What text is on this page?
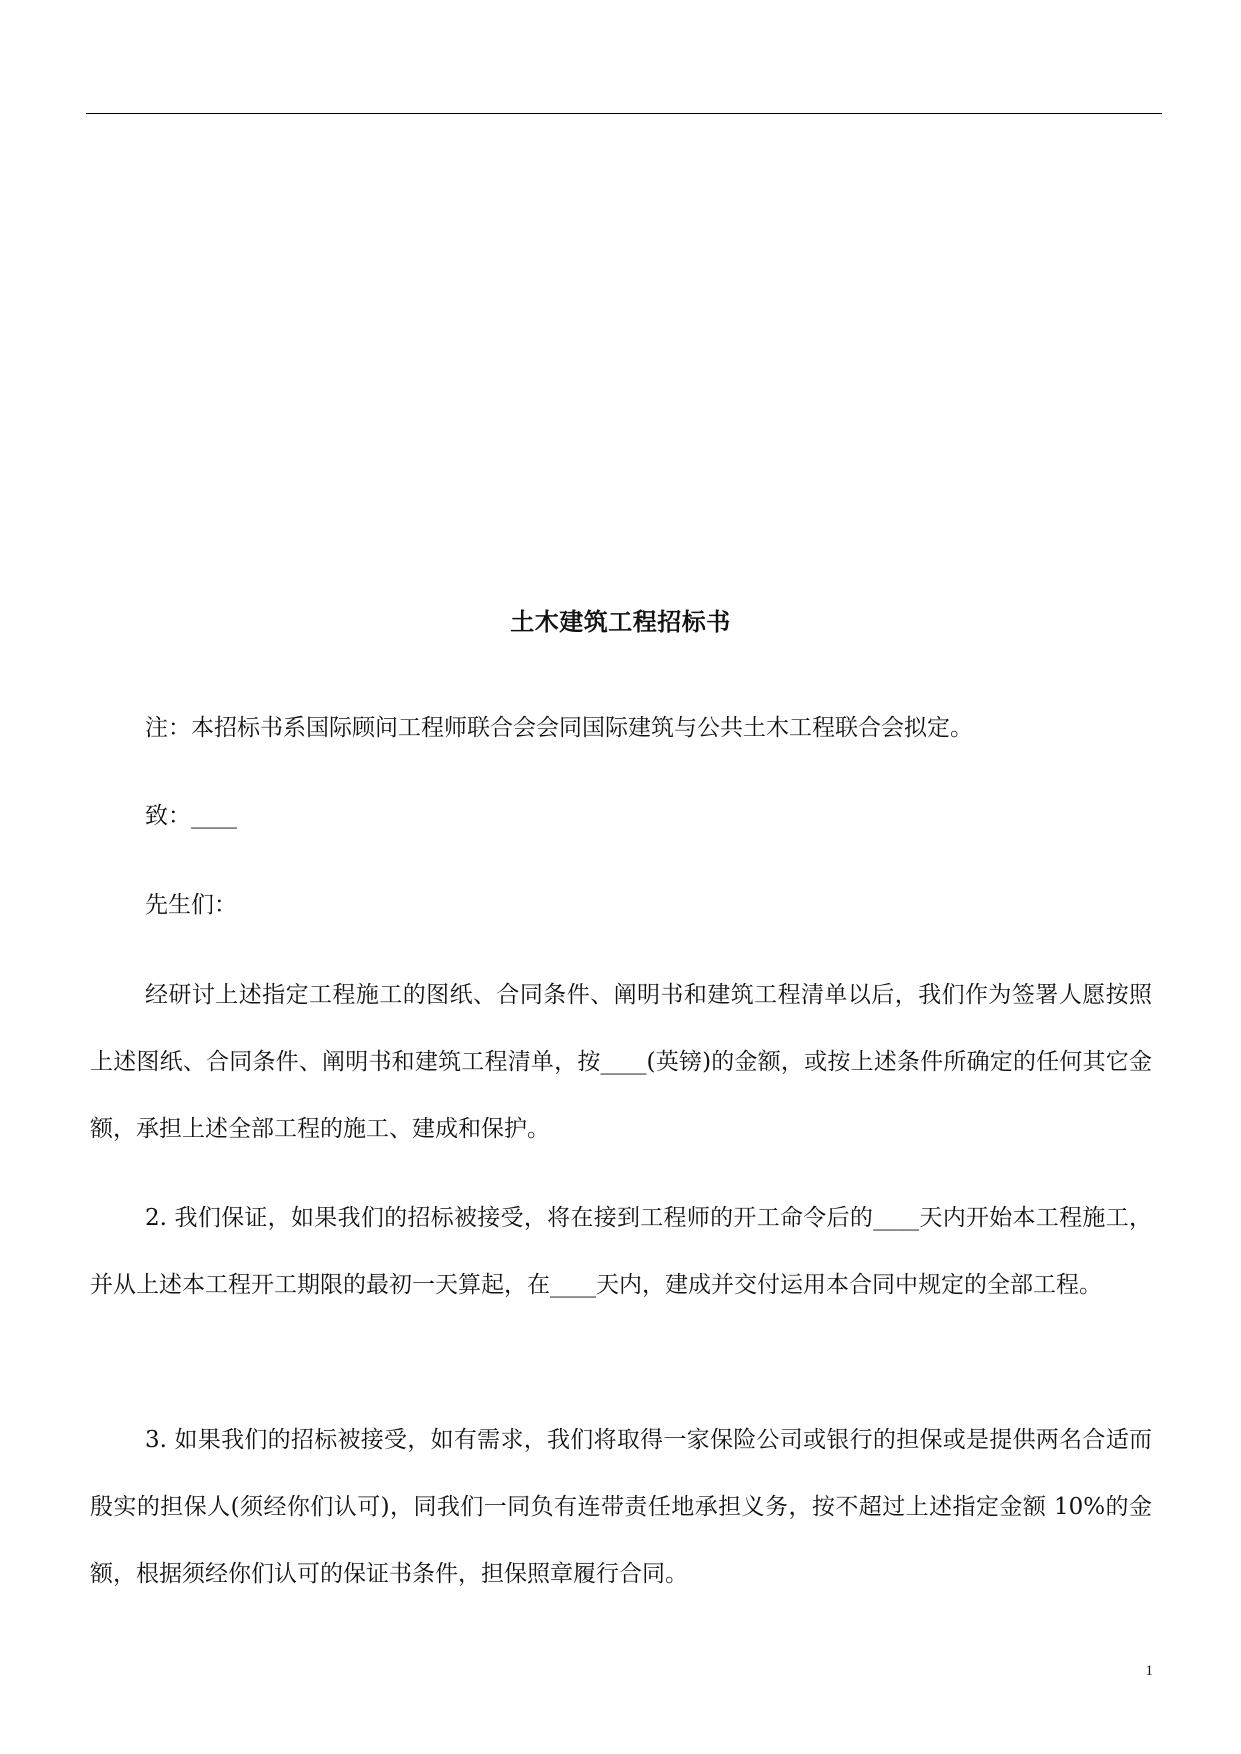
土木建筑工程招标书

注：本招标书系国际顾问工程师联合会会同国际建筑与公共土木工程联合会拟定。

致：____

先生们：

经研讨上述指定工程施工的图纸、合同条件、阐明书和建筑工程清单以后，我们作为签署人愿按照上述图纸、合同条件、阐明书和建筑工程清单，按____(英镑)的金额，或按上述条件所确定的任何其它金额，承担上述全部工程的施工、建成和保护。

2. 我们保证，如果我们的招标被接受，将在接到工程师的开工命令后的____天内开始本工程施工，并从上述本工程开工期限的最初一天算起，在____天内，建成并交付运用本合同中规定的全部工程。

3. 如果我们的招标被接受，如有需求，我们将取得一家保险公司或银行的担保或是提供两名合适而殷实的担保人(须经你们认可)，同我们一同负有连带责任地承担义务，按不超过上述指定金额 10%的金额，根据须经你们认可的保证书条件，担保照章履行合同。

1
